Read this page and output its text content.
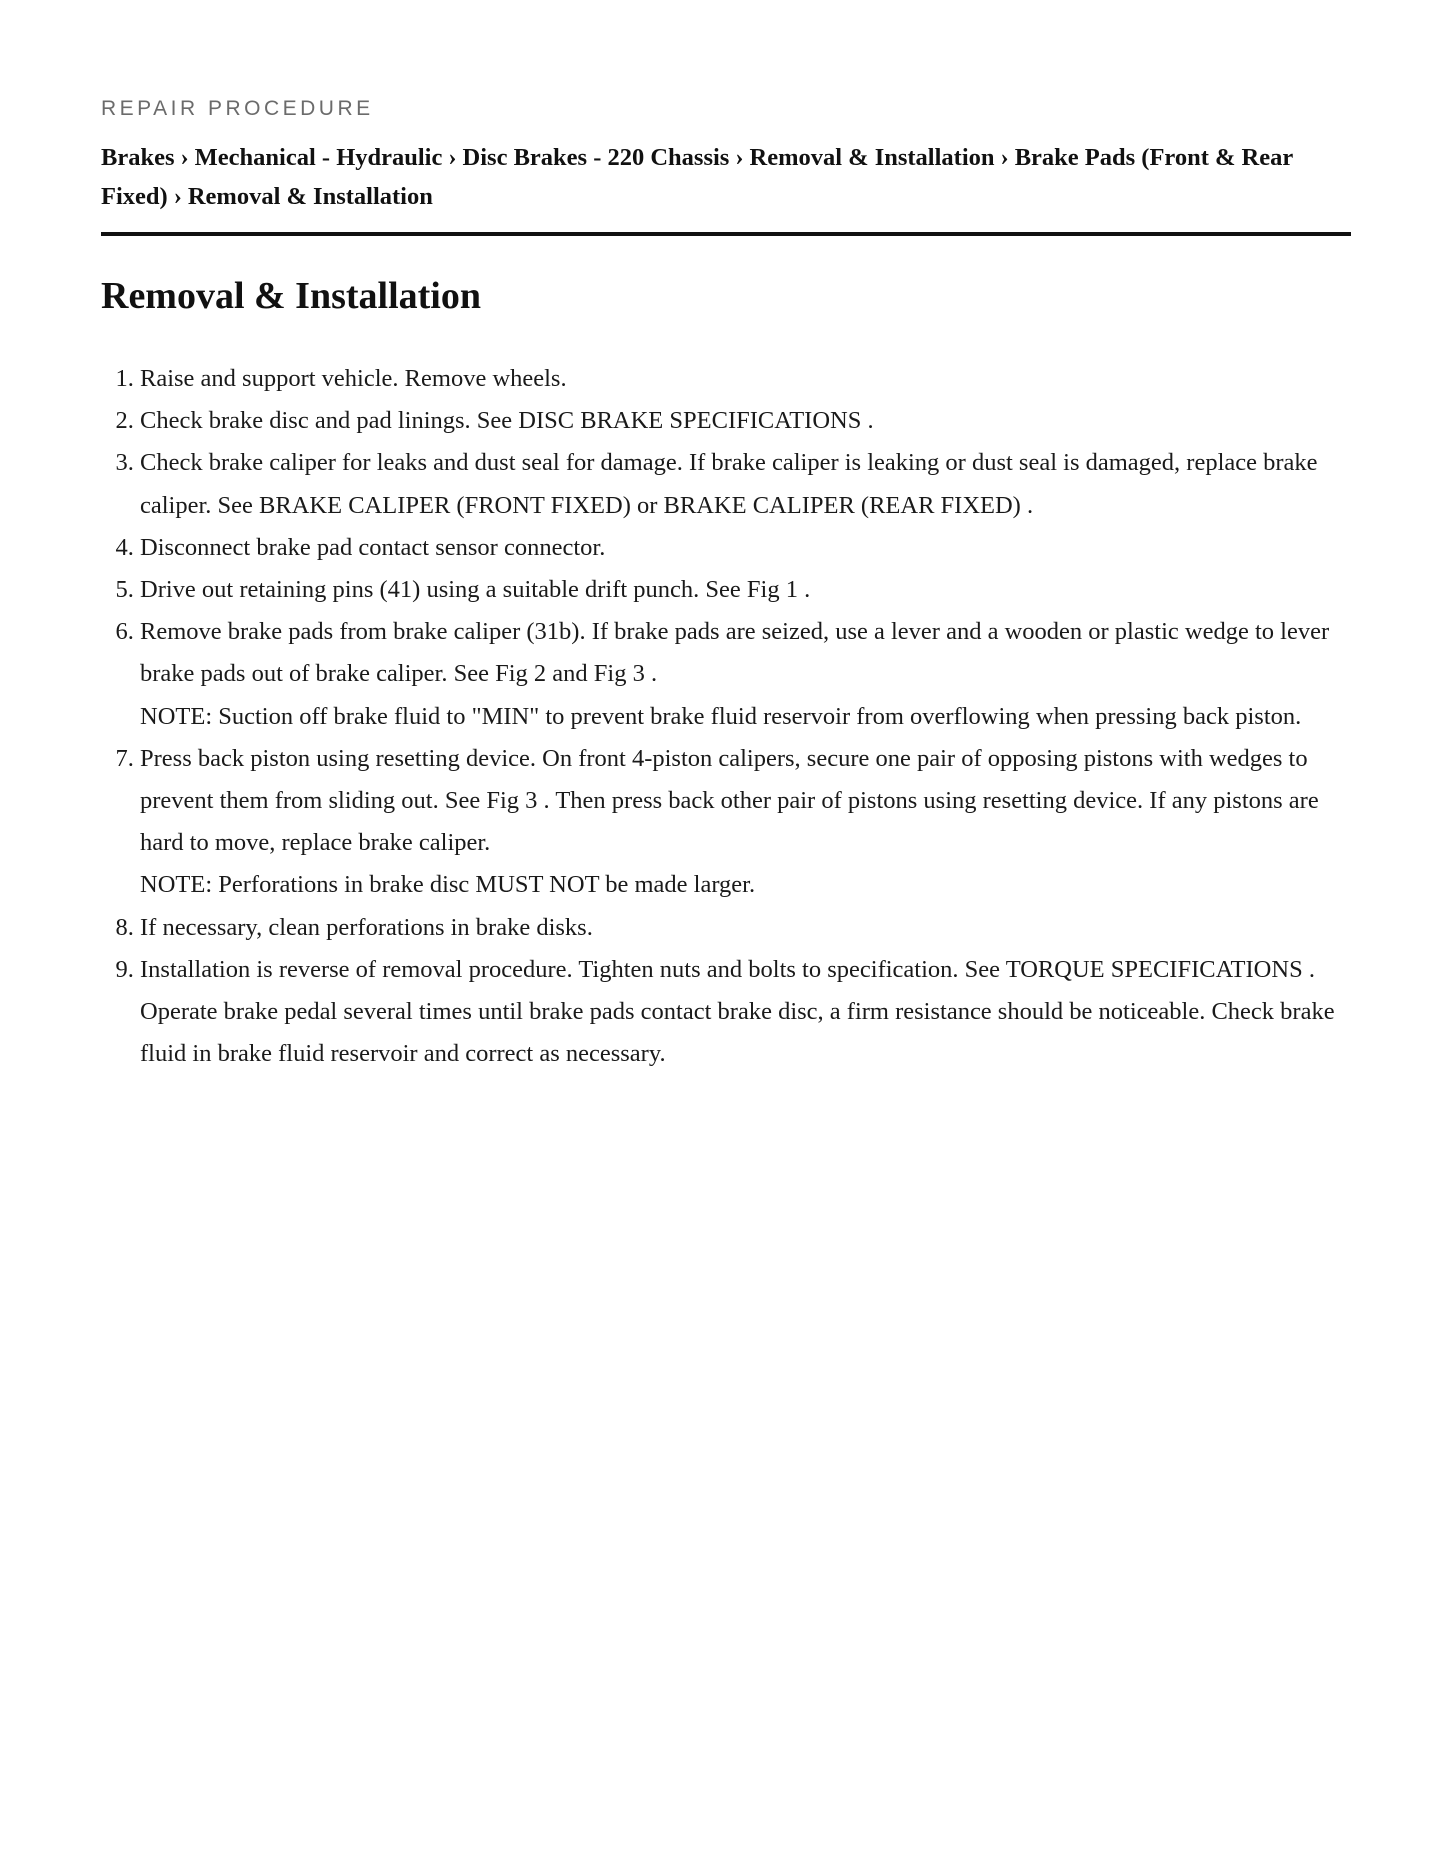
REPAIR PROCEDURE
Brakes › Mechanical - Hydraulic › Disc Brakes - 220 Chassis › Removal & Installation › Brake Pads (Front & Rear Fixed) › Removal & Installation
Removal & Installation
1. Raise and support vehicle. Remove wheels.
2. Check brake disc and pad linings. See DISC BRAKE SPECIFICATIONS .
3. Check brake caliper for leaks and dust seal for damage. If brake caliper is leaking or dust seal is damaged, replace brake caliper. See BRAKE CALIPER (FRONT FIXED) or BRAKE CALIPER (REAR FIXED) .
4. Disconnect brake pad contact sensor connector.
5. Drive out retaining pins (41) using a suitable drift punch. See Fig 1 .
6. Remove brake pads from brake caliper (31b). If brake pads are seized, use a lever and a wooden or plastic wedge to lever brake pads out of brake caliper. See Fig 2 and Fig 3 .
NOTE: Suction off brake fluid to "MIN" to prevent brake fluid reservoir from overflowing when pressing back piston.
7. Press back piston using resetting device. On front 4-piston calipers, secure one pair of opposing pistons with wedges to prevent them from sliding out. See Fig 3 . Then press back other pair of pistons using resetting device. If any pistons are hard to move, replace brake caliper.
NOTE: Perforations in brake disc MUST NOT be made larger.
8. If necessary, clean perforations in brake disks.
9. Installation is reverse of removal procedure. Tighten nuts and bolts to specification. See TORQUE SPECIFICATIONS . Operate brake pedal several times until brake pads contact brake disc, a firm resistance should be noticeable. Check brake fluid in brake fluid reservoir and correct as necessary.
